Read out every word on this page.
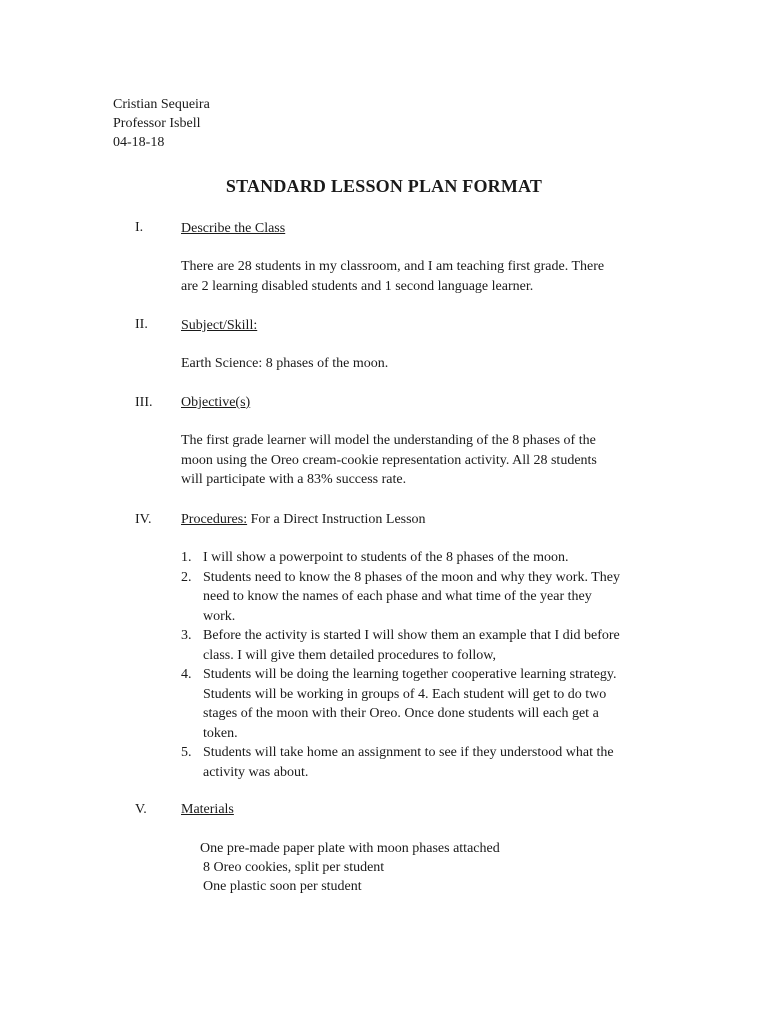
Cristian Sequeira
Professor Isbell
04-18-18
STANDARD LESSON PLAN FORMAT
I.	Describe the Class
There are 28 students in my classroom, and I am teaching first grade. There
are 2 learning disabled students and 1 second language learner.
II. Subject/Skill:
Earth Science: 8 phases of the moon.
III. Objective(s)
The first grade learner will model the understanding of the 8 phases of the
moon using the Oreo cream-cookie representation activity. All 28 students
will participate with a 83% success rate.
IV. Procedures: For a Direct Instruction Lesson
1. I will show a powerpoint to students of the 8 phases of the moon.
2. Students need to know the 8 phases of the moon and why they work. They
need to know the names of each phase and what time of the year they
work.
3. Before the activity is started I will show them an example that I did before
class. I will give them detailed procedures to follow,
4. Students will be doing the learning together cooperative learning strategy.
Students will be working in groups of 4. Each student will get to do two
stages of the moon with their Oreo. Once done students will each get a
token.
5. Students will take home an assignment to see if they understood what the
activity was about.
V. Materials
One pre-made paper plate with moon phases attached
8 Oreo cookies, split per student
One plastic soon per student
